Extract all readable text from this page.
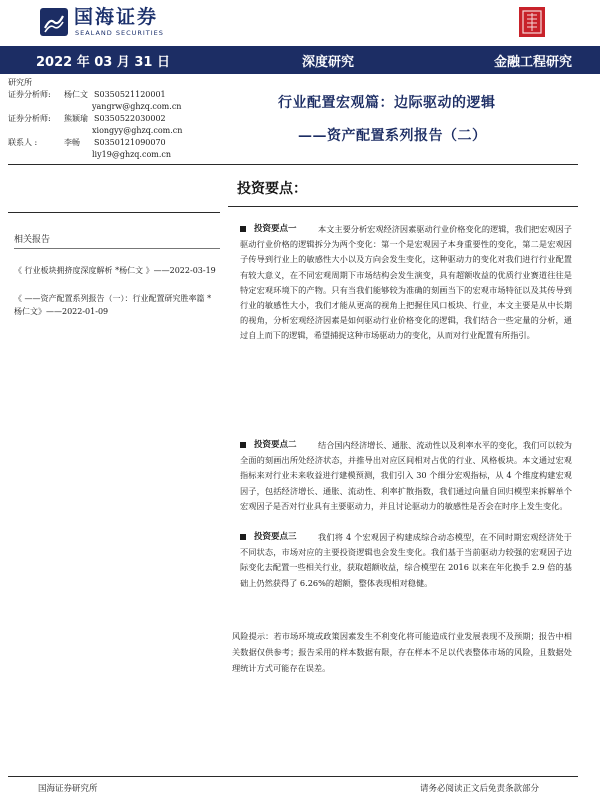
国海证券
SEALAND SECURITIES
2022 年 03 月 31 日	深度研究	金融工程研究
研究所
证券分析师: 杨仁文 S0350521120001
yangrw@ghzq.com.cn
证券分析师: 熊颖瑜 S0350522030002
xiongyy@ghzq.com.cn
联系人 :	李畅 S0350121090070
liy19@ghzq.com.cn
行业配置宏观篇：边际驱动的逻辑
——资产配置系列报告（二）
投资要点：
相关报告
《 行业板块拥挤度深度解析 *杨仁文 》——2022-03-19
《 ——资产配置系列报告（一）：行业配置研究胜率篇 *杨仁文》——2022-01-09
投资要点一	本文主要分析宏观经济因素驱动行业价格变化的逻辑，我们把宏观因子驱动行业价格的逻辑拆分为两个变化：第一个是宏观因子本身重要性的变化，第二是宏观因子传导到行业上的敏感性大小以及方向会发生变化，这种驱动力的变化对我们进行行业配置有较大意义，在不同宏观周期下市场结构会发生演变，具有超额收益的优质行业赛道往往是特定宏观环境下的产物。只有当我们能够较为准确的刻画当下的宏观市场特征以及其传导到行业的敏感性大小，我们才能从更高的视角上把握住风口板块、行业，本文主要是从中长期的视角，分析宏观经济因素是如何驱动行业价格变化的逻辑，我们结合一些定量的分析，通过自上而下的逻辑，希望捕捉这种市场驱动力的变化，从而对行业配置有所指引。

投资要点二	结合国内经济增长、通胀、流动性以及利率水平的变化，我们可以较为全面的刻画出所处经济状态，并推导出对应区间相对占优的行业、风格板块。本文通过宏观指标来对行业未来收益进行建模预测，我们引入 30 个细分宏观指标，从 4 个维度构建宏观因子，包括经济增长、通胀、流动性、利率扩散指数，我们通过向量自回归模型来拆解单个宏观因子是否对行业具有主要驱动力，并且讨论驱动力的敏感性是否会在时序上发生变化。

投资要点三	我们将 4 个宏观因子构建成综合动态模型，在不同时期宏观经济处于不同状态，市场对应的主要投资逻辑也会发生变化。我们基于当前驱动力较强的宏观因子边际变化去配置一些相关行业，获取超额收益，综合模型在 2016 以来在年化换手 2.9 倍的基础上仍然获得了 6.26%的超额，整体表现相对稳健。

风险提示：若市场环境或政策因素发生不利变化将可能造成行业发展表现不及预期；报告中相关数据仅供参考；报告采用的样本数据有限，存在样本不足以代表整体市场的风险，且数据处理统计方式可能存在误差。
国海证券研究所	请务必阅读正文后免责条款部分
